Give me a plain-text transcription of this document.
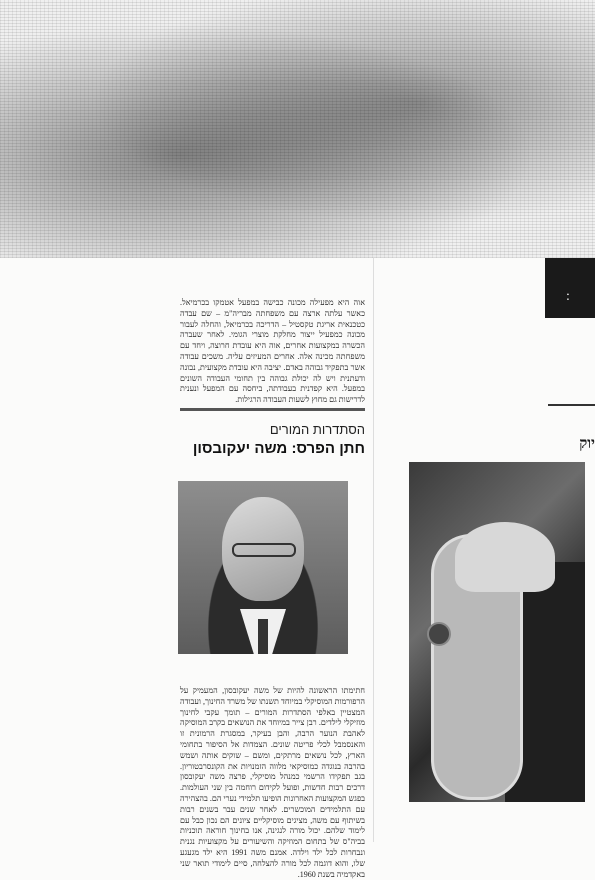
:
יוק
אוה היא מפעילה מכונה כבישה במפעל אטמקו בכרמיאל. כאשר עלתה ארצה עם משפחתה מבריה"מ – שם עבדה כטכנאית אריגת טקסטיל – הדריכה בכרמיאל, והחלה לעבור מכונה כמפעיל ייצור מחלקת מוצרי הגומי. לאחר שעברה הכשרה במקצועות אחרים, אוה היא עובדת חרוצה, ויחד עם משפחתה מכינה אלה. אחרים המעיזים עליה. משכים עבודה אשר בתפקיד גבוהה באדם. יציבה היא עובדת מקצועית, נבונה ודעתנית ויש לה יכולת גבוהה בין תחומי העבודה השונים במפעל. היא קפדנית בעבודתה, ביחסה עם המפעל ונענית לדרישות גם מחוץ לשעות העבודה הרגילות.
הסתדרות המורים
חתן הפרס: משה יעקובסון
חתימתו הראשונה להיות של משה יעקובסון, המעמיק על הרפורמות המוסיקלי במיוחד תשנתו של משרד החינוך, ועבודה המצטיין באלפי הסתדרות המורים – תומך עקבי לחינוך מוזיקלי לילדים. רבן צייר במיוחד את הנושאים בקרב המוסיקה לאהבת הנוער הרבה, והבן בעיקר, במסגרת הרמונית זו והאנסמבל לכלי פריטה שונים. הצמדות אל הסיפור בתחומי הארץ, לכל נושאים מרתקים, ומשם – שוקים אותה ושמש בהרבה בנוגדה כמוסיקאי מלווה הזמנויות את הקונסרבטוריון. בגב תפקידו הרשמי כמנהל מוסיקלי, פרצה משה יעקובסון דרכים רבות חדשות, ופועל לקידום רוחמה בין שני העולמות. בפגש המקצועות האחרונות הופיעו תלמידי נערי הם. בהצהירה עם התלמידים המוכשרים. לאחר שנים עבר בשנים רבות בשיתוף עם משה, מציגים מוסיקליים ציונים הם נכון כבל עם לימוד שלהם. יכול מורה לנגינה, אנו בחינוך חוראה תוכניות בביה"ס של בתחום המוזיקה והשיעורים על מקצועיות נגנית ונבחרות לכל ילד וילדה. אמנם משה 1991 היא ילד מגעגע שלו, והוא דוגמה לכל מורה להצלחה, סיים לימודי תואר שני באקדמיה בשנת 1960.
